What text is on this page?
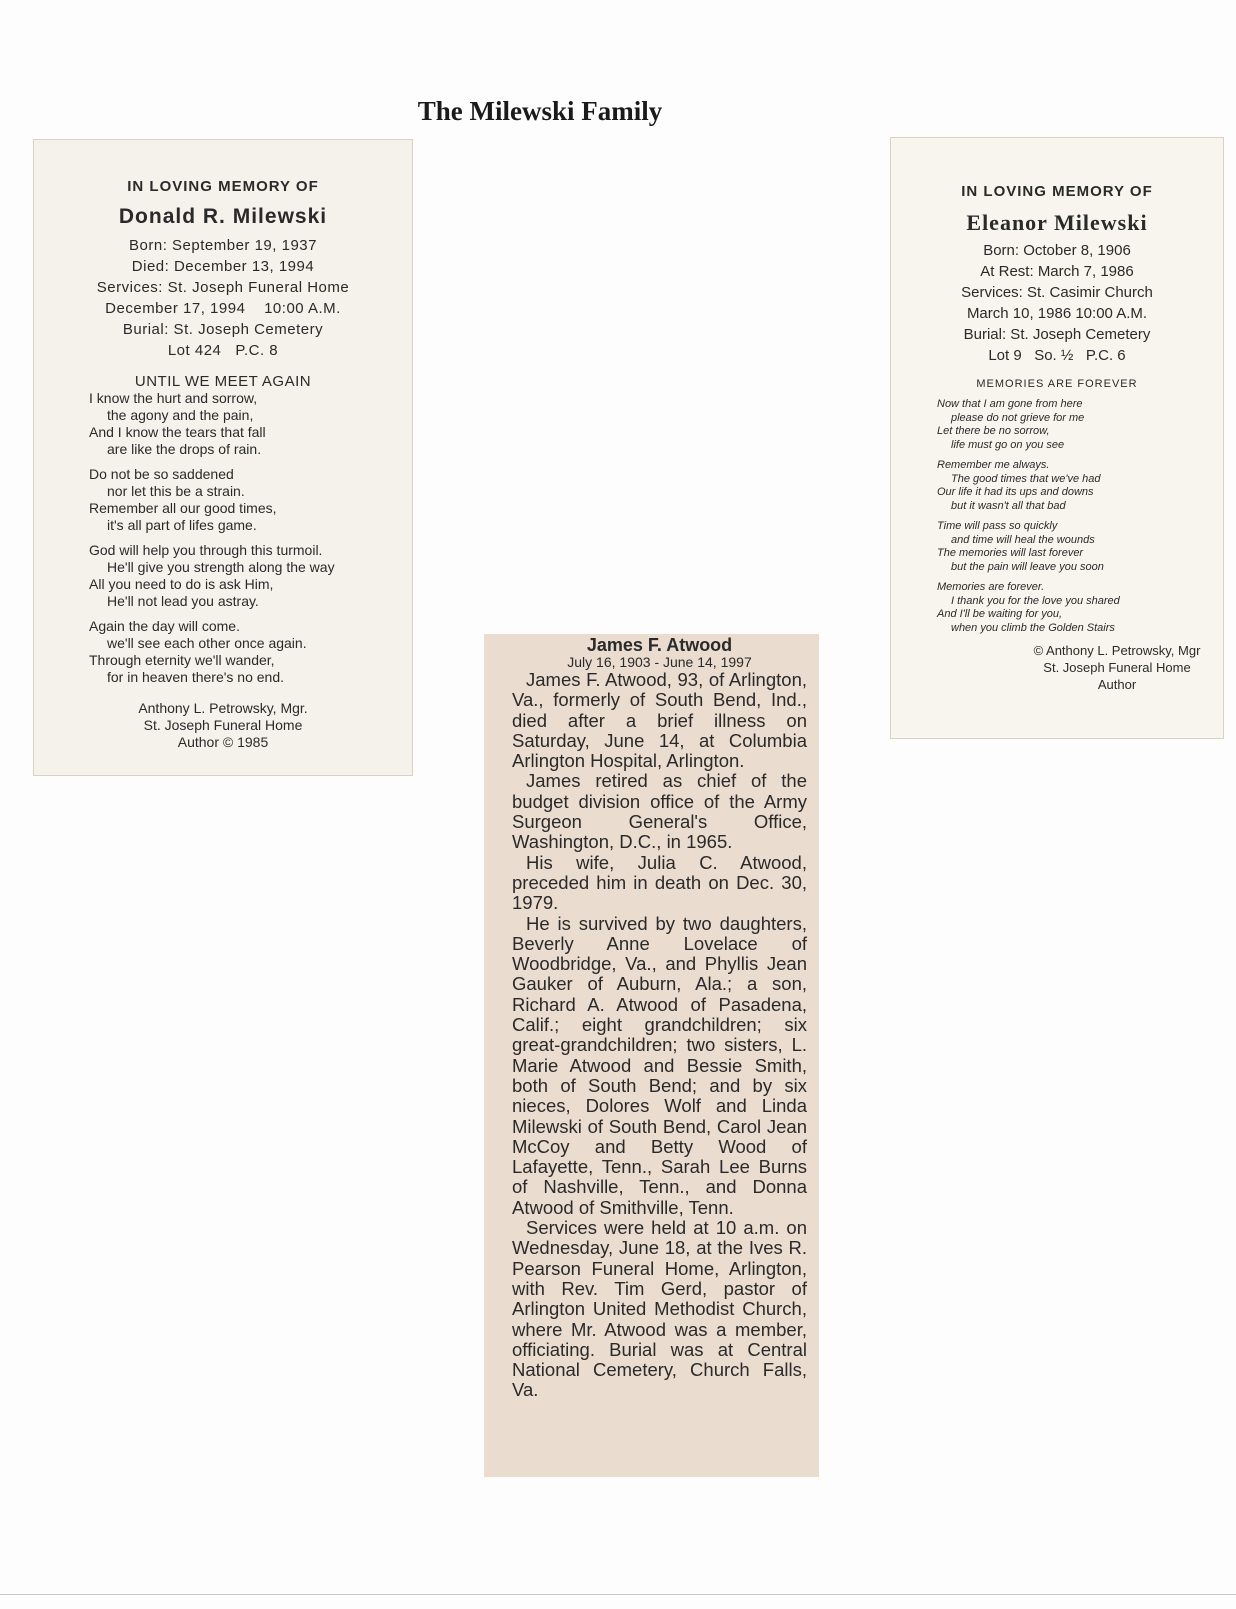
The Milewski Family
IN LOVING MEMORY OF
Donald R. Milewski
Born: September 19, 1937
Died: December 13, 1994
Services: St. Joseph Funeral Home
December 17, 1994    10:00 A.M.
Burial: St. Joseph Cemetery
Lot 424   P.C. 8
UNTIL WE MEET AGAIN
I know the hurt and sorrow,
the agony and the pain,
And I know the tears that fall
are like the drops of rain.
Do not be so saddened
nor let this be a strain.
Remember all our good times,
it's all part of lifes game.
God will help you through this turmoil.
He'll give you strength along the way
All you need to do is ask Him,
He'll not lead you astray.
Again the day will come.
we'll see each other once again.
Through eternity we'll wander,
for in heaven there's no end.
Anthony L. Petrowsky, Mgr.
St. Joseph Funeral Home
Author © 1985
James F. Atwood
July 16, 1903 - June 14, 1997

James F. Atwood, 93, of Arlington, Va., formerly of South Bend, Ind., died after a brief illness on Saturday, June 14, at Columbia Arlington Hospital, Arlington.

James retired as chief of the budget division office of the Army Surgeon General's Office, Washington, D.C., in 1965.

His wife, Julia C. Atwood, preceded him in death on Dec. 30, 1979.

He is survived by two daughters, Beverly Anne Lovelace of Woodbridge, Va., and Phyllis Jean Gauker of Auburn, Ala.; a son, Richard A. Atwood of Pasadena, Calif.; eight grandchildren; six great-grandchildren; two sisters, L. Marie Atwood and Bessie Smith, both of South Bend; and by six nieces, Dolores Wolf and Linda Milewski of South Bend, Carol Jean McCoy and Betty Wood of Lafayette, Tenn., Sarah Lee Burns of Nashville, Tenn., and Donna Atwood of Smithville, Tenn.

Services were held at 10 a.m. on Wednesday, June 18, at the Ives R. Pearson Funeral Home, Arlington, with Rev. Tim Gerd, pastor of Arlington United Methodist Church, where Mr. Atwood was a member, officiating. Burial was at Central National Cemetery, Church Falls, Va.

IN LOVING MEMORY OF
Eleanor Milewski
Born: October 8, 1906
At Rest: March 7, 1986
Services: St. Casimir Church
March 10, 1986 10:00 A.M.
Burial: St. Joseph Cemetery
Lot 9   So. ½   P.C. 6
MEMORIES ARE FOREVER
Now that I am gone from here
please do not grieve for me
Let there be no sorrow,
life must go on you see
Remember me always.
The good times that we've had
Our life it had its ups and downs
but it wasn't all that bad
Time will pass so quickly
and time will heal the wounds
The memories will last forever
but the pain will leave you soon
Memories are forever.
I thank you for the love you shared
And I'll be waiting for you,
when you climb the Golden Stairs
© Anthony L. Petrowsky, Mgr
St. Joseph Funeral Home
Author
